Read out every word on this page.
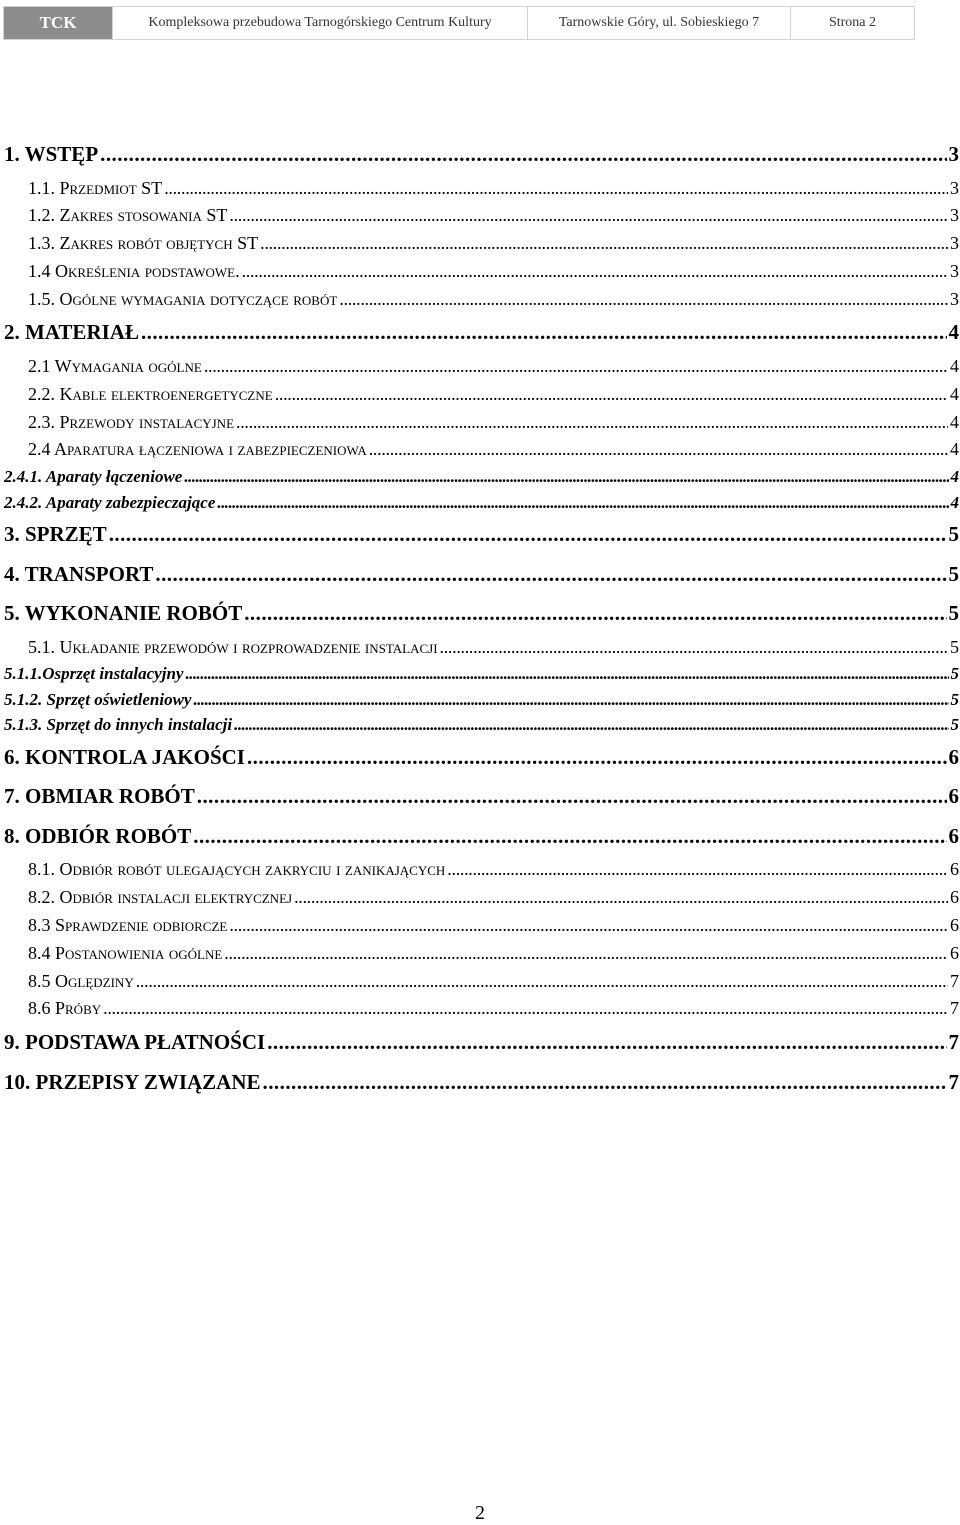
TCK	Kompleksowa przebudowa Tarnogórskiego Centrum Kultury	Tarnowskie Góry, ul. Sobieskiego 7	Strona 2
1. WSTĘP . . .	3
1.1. Przedmiot ST . . .	3
1.2. Zakres stosowania ST . . .	3
1.3. Zakres robót objętych ST . . .	3
1.4 Określenia podstawowe. . . .	3
1.5. Ogólne wymagania dotyczące robót . . .	3
2. MATERIAŁ . . .	4
2.1 Wymagania ogólne . . .	4
2.2. Kable elektroenergetyczne . . .	4
2.3. Przewody instalacyjne . . .	4
2.4 Aparatura łączeniowa i zabezpieczeniowa . . .	4
2.4.1. Aparaty łączeniowe . . .	4
2.4.2. Aparaty zabezpieczające . . .	4
3. SPRZĘT . . .	5
4. TRANSPORT . . .	5
5. WYKONANIE ROBÓT . . .	5
5.1. Układanie przewodów i rozprowadzenie instalacji . . .	5
5.1.1.Osprzęt instalacyjny . . .	5
5.1.2. Sprzęt oświetleniowy . . .	5
5.1.3. Sprzęt do innych instalacji . . .	5
6. KONTROLA JAKOŚCI . . .	6
7. OBMIAR ROBÓT . . .	6
8. ODBIÓR ROBÓT . . .	6
8.1. Odbiór robót ulegających zakryciu i zanikających . . .	6
8.2. Odbiór instalacji elektrycznej . . .	6
8.3 Sprawdzenie odbiorcze . . .	6
8.4 Postanowienia ogólne . . .	6
8.5 Oględziny . . .	7
8.6 Próby . . .	7
9. PODSTAWA PŁATNOŚCI . . .	7
10. PRZEPISY ZWIĄZANE . . .	7
2
